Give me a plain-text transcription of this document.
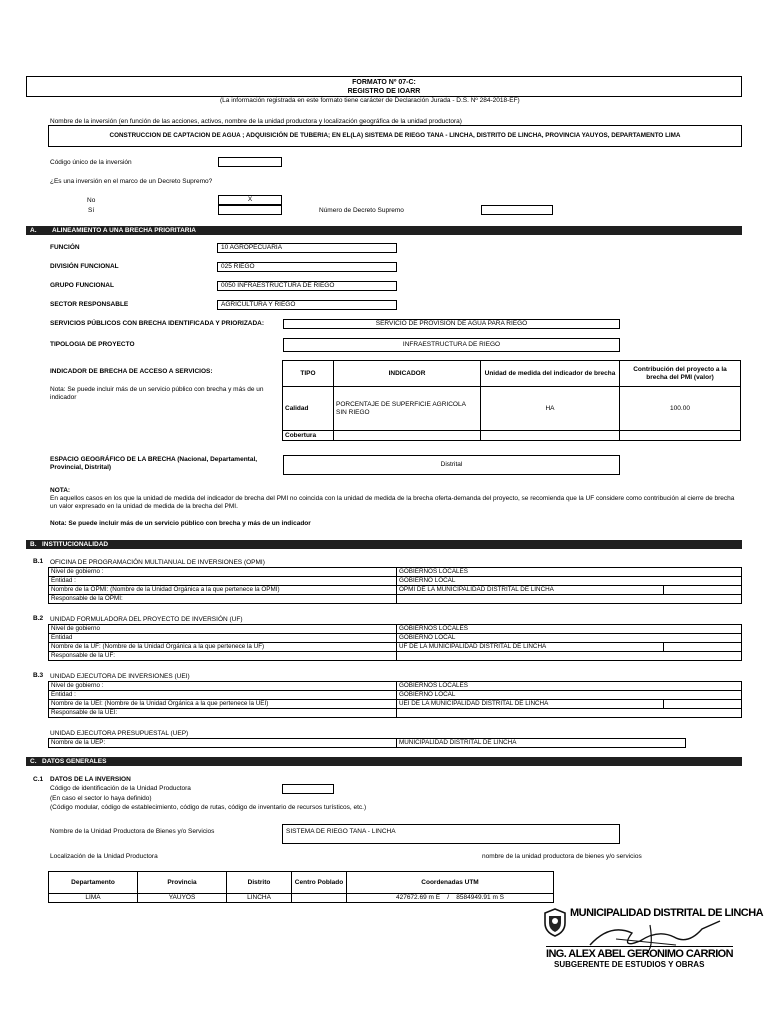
FORMATO Nº 07-C:
REGISTRO DE IOARR
(La información registrada en este formato tiene carácter de Declaración Jurada - D.S. Nº 284-2018-EF)
Nombre de la inversión (en función de las acciones, activos, nombre de la unidad productora y localización geográfica de la unidad productora)
CONSTRUCCION DE CAPTACION DE AGUA ; ADQUISICIÓN DE TUBERIA; EN EL(LA) SISTEMA DE RIEGO TANA - LINCHA, DISTRITO DE LINCHA, PROVINCIA YAUYOS, DEPARTAMENTO LIMA
Código único de la inversión
¿Es una inversión en el marco de un Decreto Supremo?
No	X
Sí	Número de Decreto Supremo
A. ALINEAMIENTO A UNA BRECHA PRIORITARIA
FUNCIÓN	10 AGROPECUARIA
DIVISIÓN FUNCIONAL	025 RIEGO
GRUPO FUNCIONAL	0050 INFRAESTRUCTURA DE RIEGO
SECTOR RESPONSABLE	AGRICULTURA Y RIEGO
SERVICIOS PÚBLICOS CON BRECHA IDENTIFICADA Y PRIORIZADA:	SERVICIO DE PROVISIÓN DE AGUA PARA RIEGO
TIPOLOGIA DE PROYECTO	INFRAESTRUCTURA DE RIEGO
INDICADOR DE BRECHA DE ACCESO A SERVICIOS:
Nota: Se puede incluir más de un servicio público con brecha y más de un indicador
TIPO	INDICADOR	Unidad de medida del indicador de brecha	Contribución del proyecto a la brecha del PMI (valor)
Calidad	PORCENTAJE DE SUPERFICIE AGRICOLA SIN RIEGO	HA	100.00
Cobertura			
ESPACIO GEOGRÁFICO DE LA BRECHA (Nacional, Departamental, Provincial, Distrital)	Distrital
NOTA:
En aquellos casos en los que la unidad de medida del indicador de brecha del PMI no coincida con la unidad de medida de la brecha oferta-demanda del proyecto, se recomienda que la UF considere como contribución al cierre de brecha un valor expresado en la unidad de medida de la brecha del PMI.
Nota: Se puede incluir más de un servicio público con brecha y más de un indicador
B. INSTITUCIONALIDAD
B.1 OFICINA DE PROGRAMACIÓN MULTIANUAL DE INVERSIONES (OPMI)
Nivel de gobierno :	GOBIERNOS LOCALES
Entidad :	GOBIERNO LOCAL
Nombre de la OPMI: (Nombre de la Unidad Orgánica a la que pertenece la OPMI)	OPMI DE LA MUNICIPALIDAD DISTRITAL DE LINCHA
Responsable de la OPMI:
B.2 UNIDAD FORMULADORA DEL PROYECTO DE INVERSIÓN (UF)
Nivel de gobierno	GOBIERNOS LOCALES
Entidad	GOBIERNO LOCAL
Nombre de la UF: (Nombre de la Unidad Orgánica a la que pertenece la UF)	UF DE LA MUNICIPALIDAD DISTRITAL DE LINCHA
Responsable de la UF:
B.3 UNIDAD EJECUTORA DE INVERSIONES (UEI)
Nivel de gobierno :	GOBIERNOS LOCALES
Entidad :	GOBIERNO LOCAL
Nombre de la UEI: (Nombre de la Unidad Orgánica a la que pertenece la UEI)	UEI DE LA MUNICIPALIDAD DISTRITAL DE LINCHA
Responsable de la UEI:
UNIDAD EJECUTORA PRESUPUESTAL (UEP)
Nombre de la UEP:	MUNICIPALIDAD DISTRITAL DE LINCHA
C. DATOS GENERALES
C.1 DATOS DE LA INVERSION
Código de identificación de la Unidad Productora
(En caso el sector lo haya definido)
(Código modular, código de establecimiento, código de rutas, código de inventario de recursos turísticos, etc.)
Nombre de la Unidad Productora de Bienes y/o Servicios	SISTEMA DE RIEGO TANA - LINCHA
Localización de la Unidad Productora	nombre de la unidad productora de bienes y/o servicios
Departamento	Provincia	Distrito	Centro Poblado	Coordenadas UTM
LIMA	YAUYOS	LINCHA		427672.69 m E    /    8584949.91 m S
MUNICIPALIDAD DISTRITAL DE LINCHA
ING. ALEX ABEL GERONIMO CARRION
SUBGERENTE DE ESTUDIOS Y OBRAS
